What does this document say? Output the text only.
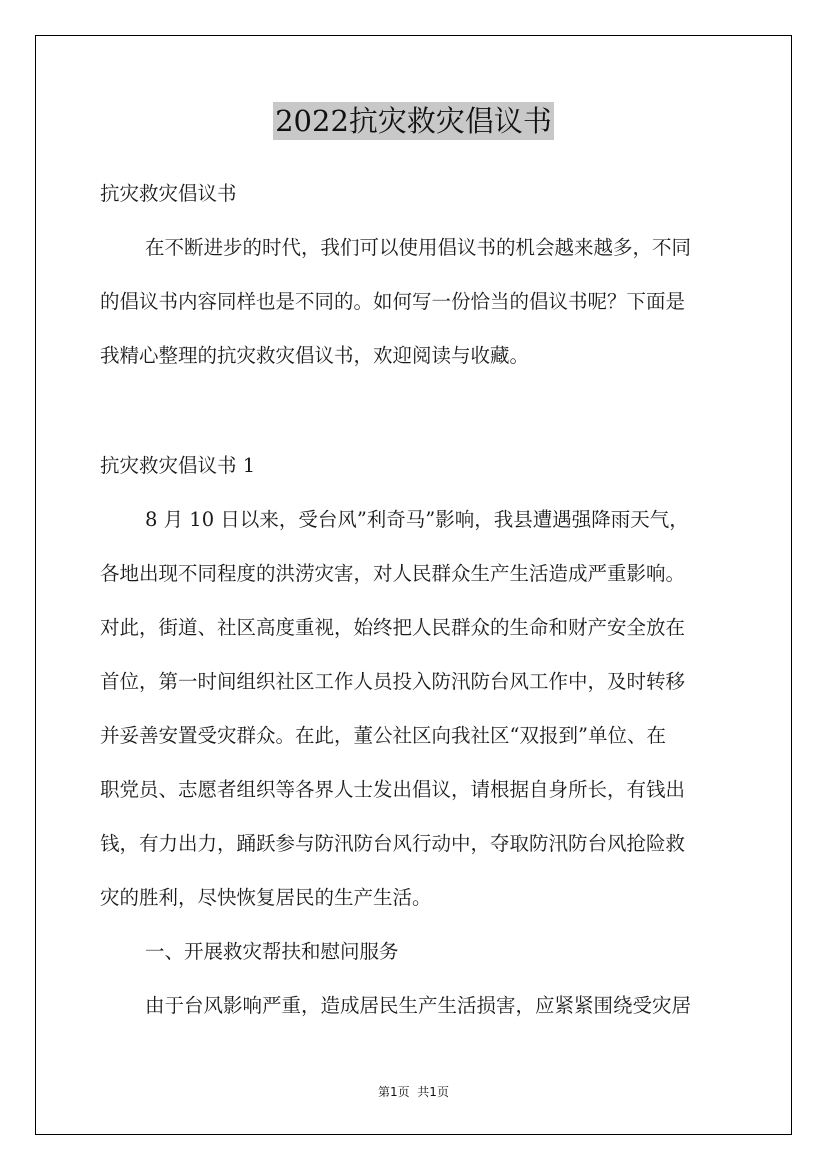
2022抗灾救灾倡议书
抗灾救灾倡议书
在不断进步的时代，我们可以使用倡议书的机会越来越多，不同
的倡议书内容同样也是不同的。如何写一份恰当的倡议书呢？下面是
我精心整理的抗灾救灾倡议书，欢迎阅读与收藏。
抗灾救灾倡议书 1
8 月 10 日以来，受台风”利奇马”影响，我县遭遇强降雨天气，
各地出现不同程度的洪涝灾害，对人民群众生产生活造成严重影响。
对此，街道、社区高度重视，始终把人民群众的生命和财产安全放在
首位，第一时间组织社区工作人员投入防汛防台风工作中，及时转移
并妥善安置受灾群众。在此，董公社区向我社区“双报到”单位、在
职党员、志愿者组织等各界人士发出倡议，请根据自身所长，有钱出
钱，有力出力，踊跃参与防汛防台风行动中，夺取防汛防台风抢险救
灾的胜利，尽快恢复居民的生产生活。
一、开展救灾帮扶和慰问服务
由于台风影响严重，造成居民生产生活损害，应紧紧围绕受灾居
第1页  共1页
